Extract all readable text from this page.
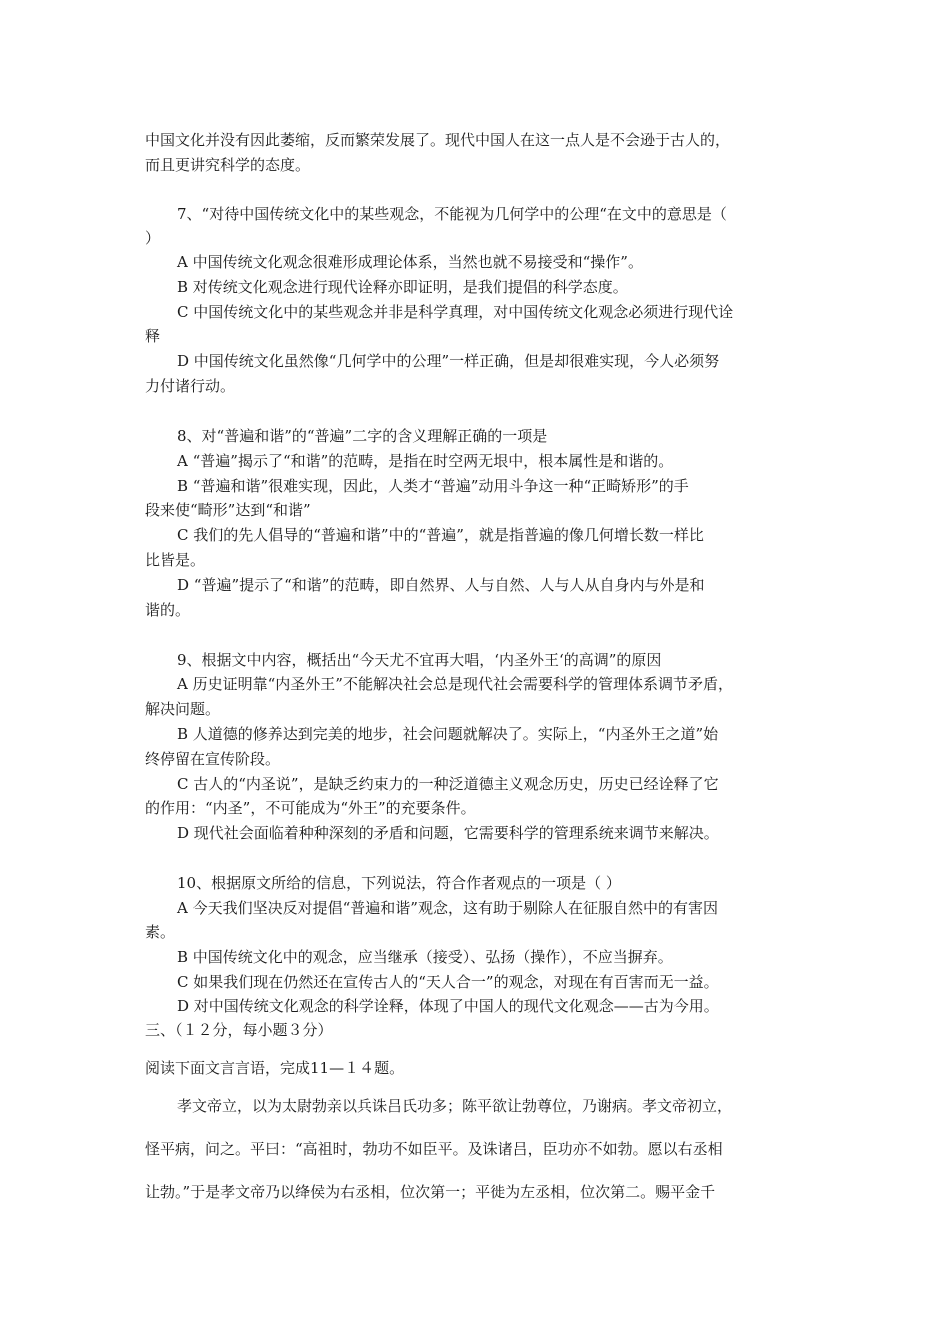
中国文化并没有因此萎缩，反而繁荣发展了。现代中国人在这一点人是不会逊于古人的，
而且更讲究科学的态度。
7、“对待中国传统文化中的某些观念，不能视为几何学中的公理“在文中的意思是（
）
A 中国传统文化观念很难形成理论体系，当然也就不易接受和“操作”。
B 对传统文化观念进行现代诠释亦即证明，是我们提倡的科学态度。
C 中国传统文化中的某些观念并非是科学真理，对中国传统文化观念必须进行现代诠
释
D 中国传统文化虽然像“几何学中的公理”一样正确，但是却很难实现，今人必须努
力付诸行动。
8、对“普遍和谐”的“普遍”二字的含义理解正确的一项是
A “普遍”揭示了“和谐”的范畴，是指在时空两无垠中，根本属性是和谐的。
B “普遍和谐”很难实现，因此，人类才“普遍”动用斗争这一种“正畸矫形”的手
段来使“畸形”达到“和谐”
C 我们的先人倡导的“普遍和谐”中的“普遍”，就是指普遍的像几何增长数一样比
比皆是。
D “普遍”提示了“和谐”的范畴，即自然界、人与自然、人与人从自身内与外是和
谐的。
9、根据文中内容，概括出“今天尤不宜再大唱，‘内圣外王‘的高调”的原因
A 历史证明靠“内圣外王”不能解决社会总是现代社会需要科学的管理体系调节矛盾，
解决问题。
B 人道德的修养达到完美的地步，社会问题就解决了。实际上，“内圣外王之道”始
终停留在宣传阶段。
C 古人的“内圣说”，是缺乏约束力的一种泛道德主义观念历史，历史已经诠释了它
的作用：“内圣”，不可能成为“外王”的充要条件。
D 现代社会面临着种种深刻的矛盾和问题，它需要科学的管理系统来调节来解决。
10、根据原文所给的信息，下列说法，符合作者观点的一项是（ ）
A 今天我们坚决反对提倡“普遍和谐”观念，这有助于剔除人在征服自然中的有害因
素。
B 中国传统文化中的观念，应当继承（接受）、弘扬（操作），不应当摒弃。
C 如果我们现在仍然还在宣传古人的“天人合一”的观念，对现在有百害而无一益。
D 对中国传统文化观念的科学诠释，体现了中国人的现代文化观念——古为今用。
三、（１２分，每小题３分）
阅读下面文言言语，完成11—１４题。
孝文帝立，以为太尉勃亲以兵诛吕氏功多；陈平欲让勃尊位，乃谢病。孝文帝初立，
怪平病，问之。平曰：“高祖时，勃功不如臣平。及诛诸吕，臣功亦不如勃。愿以右丞相
让勃。”于是孝文帝乃以绛侯为右丞相，位次第一；平徙为左丞相，位次第二。赐平金千
